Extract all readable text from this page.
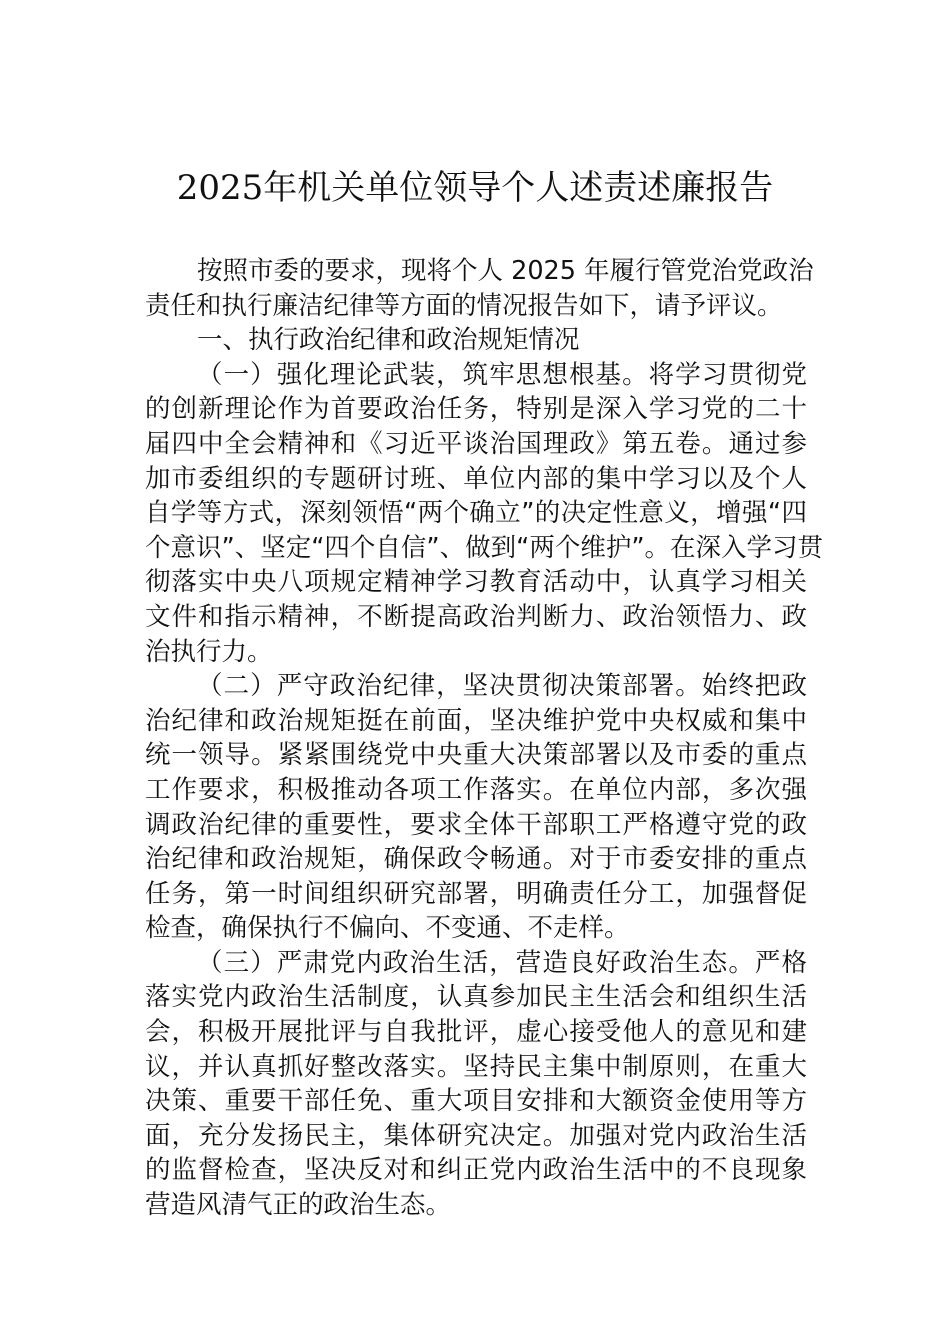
2025年机关单位领导个人述责述廉报告
按照市委的要求，现将个人 2025 年履行管党治党政治
责任和执行廉洁纪律等方面的情况报告如下，请予评议。
一、执行政治纪律和政治规矩情况
（一）强化理论武装，筑牢思想根基。将学习贯彻党
的创新理论作为首要政治任务，特别是深入学习党的二十
届四中全会精神和《习近平谈治国理政》第五卷。通过参
加市委组织的专题研讨班、单位内部的集中学习以及个人
自学等方式，深刻领悟“两个确立”的决定性意义，增强“四
个意识”、坚定“四个自信”、做到“两个维护”。在深入学习贯
彻落实中央八项规定精神学习教育活动中，认真学习相关
文件和指示精神，不断提高政治判断力、政治领悟力、政
治执行力。
（二）严守政治纪律，坚决贯彻决策部署。始终把政
治纪律和政治规矩挺在前面，坚决维护党中央权威和集中
统一领导。紧紧围绕党中央重大决策部署以及市委的重点
工作要求，积极推动各项工作落实。在单位内部，多次强
调政治纪律的重要性，要求全体干部职工严格遵守党的政
治纪律和政治规矩，确保政令畅通。对于市委安排的重点
任务，第一时间组织研究部署，明确责任分工，加强督促
检查，确保执行不偏向、不变通、不走样。
（三）严肃党内政治生活，营造良好政治生态。严格
落实党内政治生活制度，认真参加民主生活会和组织生活
会，积极开展批评与自我批评，虚心接受他人的意见和建
议，并认真抓好整改落实。坚持民主集中制原则，在重大
决策、重要干部任免、重大项目安排和大额资金使用等方
面，充分发扬民主，集体研究决定。加强对党内政治生活
的监督检查，坚决反对和纠正党内政治生活中的不良现象
营造风清气正的政治生态。
